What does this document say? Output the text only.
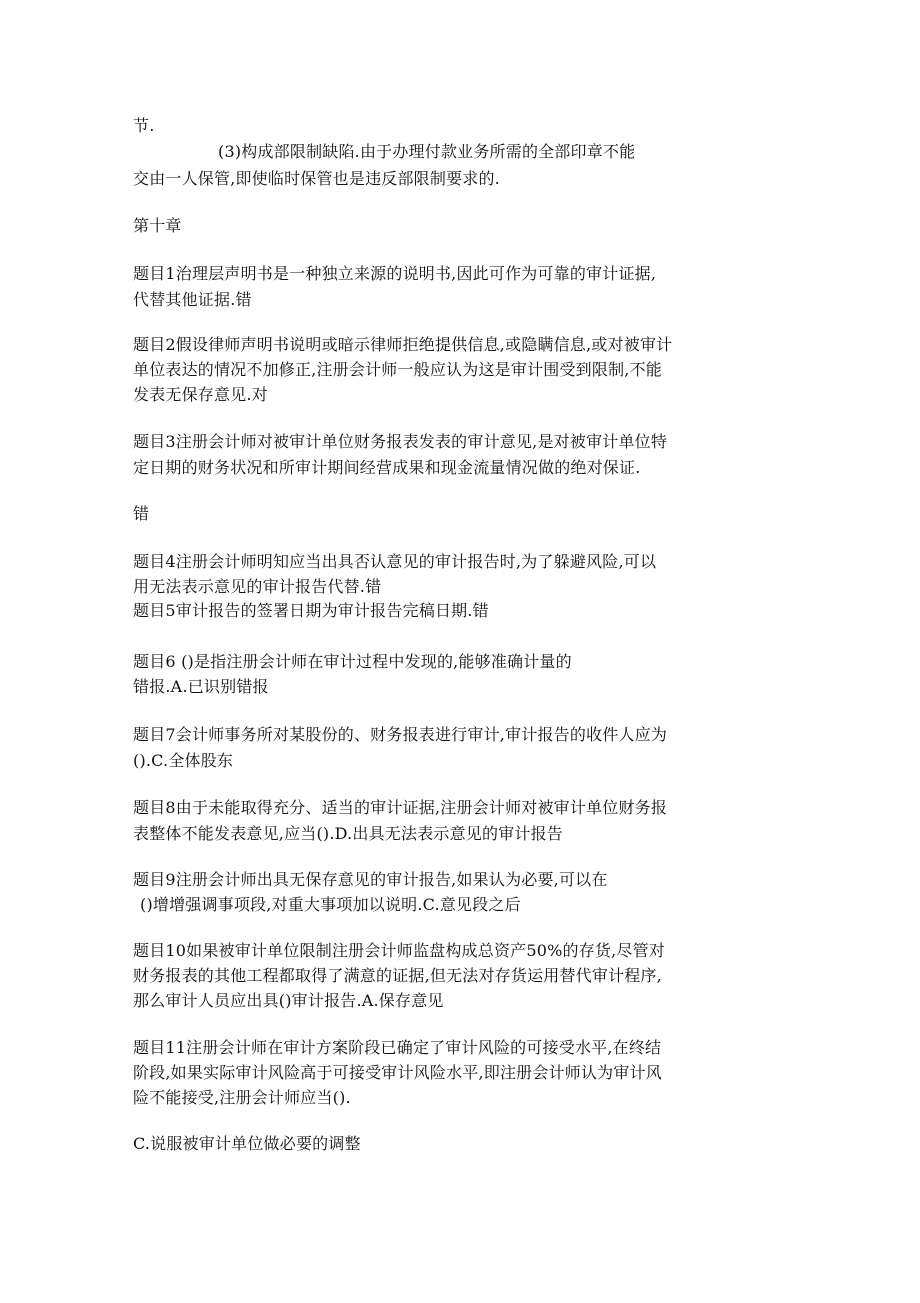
节.
(3)构成部限制缺陷.由于办理付款业务所需的全部印章不能
交由一人保管,即使临时保管也是违反部限制要求的.
第十章
题目1治理层声明书是一种独立来源的说明书,因此可作为可靠的审计证据,
代替其他证据.错
题目2假设律师声明书说明或暗示律师拒绝提供信息,或隐瞒信息,或对被审计
单位表达的情况不加修正,注册会计师一般应认为这是审计围受到限制,不能
发表无保存意见.对
题目3注册会计师对被审计单位财务报表发表的审计意见,是对被审计单位特
定日期的财务状况和所审计期间经营成果和现金流量情况做的绝对保证.
错
题目4注册会计师明知应当出具否认意见的审计报告时,为了躲避风险,可以
用无法表示意见的审计报告代替.错
题目5审计报告的签署日期为审计报告完稿日期.错
题目6 ()是指注册会计师在审计过程中发现的,能够准确计量的
错报.A.已识别错报
题目7会计师事务所对某股份的、财务报表进行审计,审计报告的收件人应为
().C.全体股东
题目8由于未能取得充分、适当的审计证据,注册会计师对被审计单位财务报
表整体不能发表意见,应当().D.出具无法表示意见的审计报告
题目9注册会计师出具无保存意见的审计报告,如果认为必要,可以在
()增增强调事项段,对重大事项加以说明.C.意见段之后
题目10如果被审计单位限制注册会计师监盘构成总资产50%的存货,尽管对
财务报表的其他工程都取得了满意的证据,但无法对存货运用替代审计程序,
那么审计人员应出具()审计报告.A.保存意见
题目11注册会计师在审计方案阶段已确定了审计风险的可接受水平,在终结
阶段,如果实际审计风险高于可接受审计风险水平,即注册会计师认为审计风
险不能接受,注册会计师应当().
C.说服被审计单位做必要的调整
